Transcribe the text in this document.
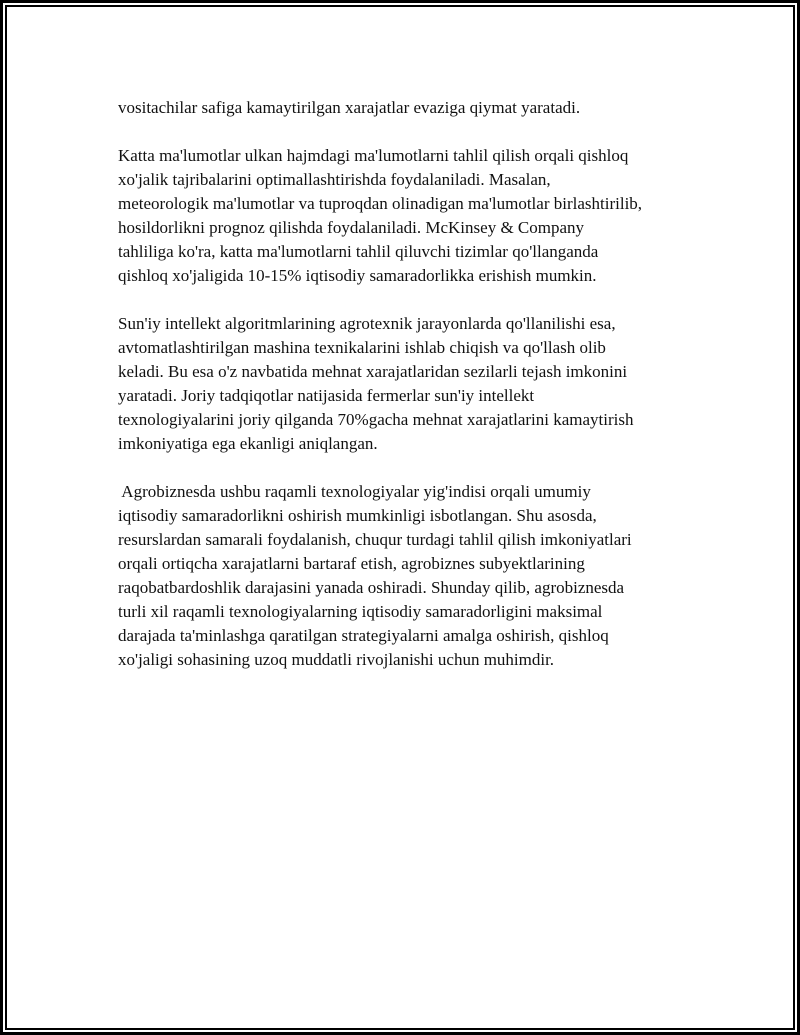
vositachilar safiga kamaytirilgan xarajatlar evaziga qiymat yaratadi.

Katta ma'lumotlar ulkan hajmdagi ma'lumotlarni tahlil qilish orqali qishloq
xo'jalik tajribalarini optimallashtirishda foydalaniladi. Masalan,
meteorologik ma'lumotlar va tuproqdan olinadigan ma'lumotlar birlashtirilib,
hosildorlikni prognoz qilishda foydalaniladi. McKinsey & Company
tahliliga ko'ra, katta ma'lumotlarni tahlil qiluvchi tizimlar qo'llanganda
qishloq xo'jaligida 10-15% iqtisodiy samaradorlikka erishish mumkin.

Sun'iy intellekt algoritmlarining agrotexnik jarayonlarda qo'llanilishi esa,
avtomatlashtirilgan mashina texnikalarini ishlab chiqish va qo'llash olib
keladi. Bu esa o'z navbatida mehnat xarajatlaridan sezilarli tejash imkonini
yaratadi. Joriy tadqiqotlar natijasida fermerlar sun'iy intellekt
texnologiyalarini joriy qilganda 70%gacha mehnat xarajatlarini kamaytirish
imkoniyatiga ega ekanligi aniqlangan.

Agrobiznesda ushbu raqamli texnologiyalar yig'indisi orqali umumiy
iqtisodiy samaradorlikni oshirish mumkinligi isbotlangan. Shu asosda,
resurslardan samarali foydalanish, chuqur turdagi tahlil qilish imkoniyatlari
orqali ortiqcha xarajatlarni bartaraf etish, agrobiznes subyektlarining
raqobatbardoshlik darajasini yanada oshiradi. Shunday qilib, agrobiznesda
turli xil raqamli texnologiyalarning iqtisodiy samaradorligini maksimal
darajada ta'minlashga qaratilgan strategiyalarni amalga oshirish, qishloq
xo'jaligi sohasining uzoq muddatli rivojlanishi uchun muhimdir.
